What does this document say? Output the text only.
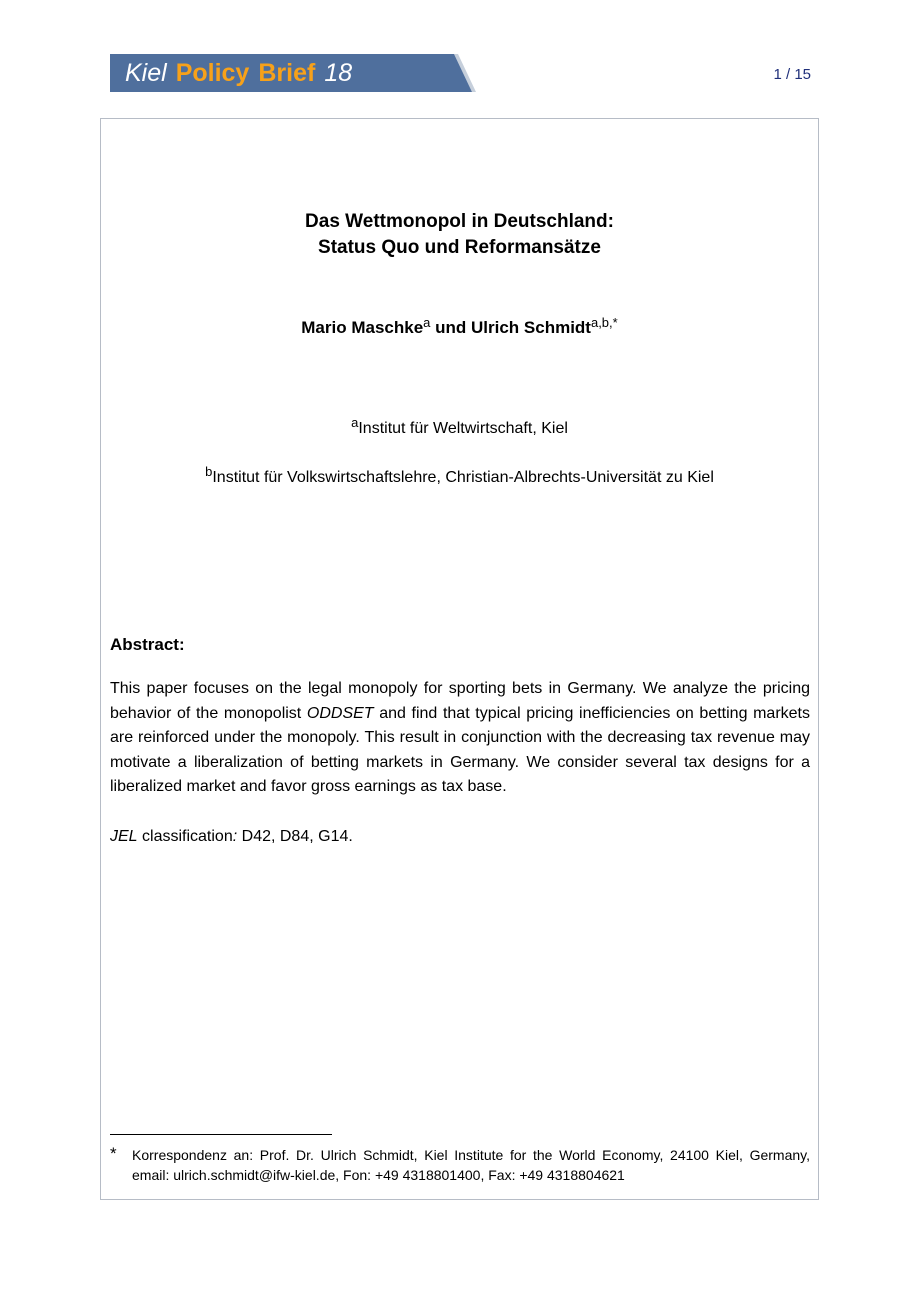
Kiel Policy Brief 18	1 / 15
Das Wettmonopol in Deutschland:
Status Quo und Reformansätze
Mario Maschke$^a$ und Ulrich Schmidt$^{a,b,*}$
$^a$Institut für Weltwirtschaft, Kiel
$^b$Institut für Volkswirtschaftslehre, Christian-Albrechts-Universität zu Kiel
Abstract:

This paper focuses on the legal monopoly for sporting bets in Germany. We analyze the pricing behavior of the monopolist ODDSET and find that typical pricing inefficiencies on betting markets are reinforced under the monopoly. This result in conjunction with the decreasing tax revenue may motivate a liberalization of betting markets in Germany. We consider several tax designs for a liberalized market and favor gross earnings as tax base.

JEL classification: D42, D84, G14.
* Korrespondenz an: Prof. Dr. Ulrich Schmidt, Kiel Institute for the World Economy, 24100 Kiel, Germany, email: ulrich.schmidt@ifw-kiel.de, Fon: +49 4318801400, Fax: +49 4318804621
